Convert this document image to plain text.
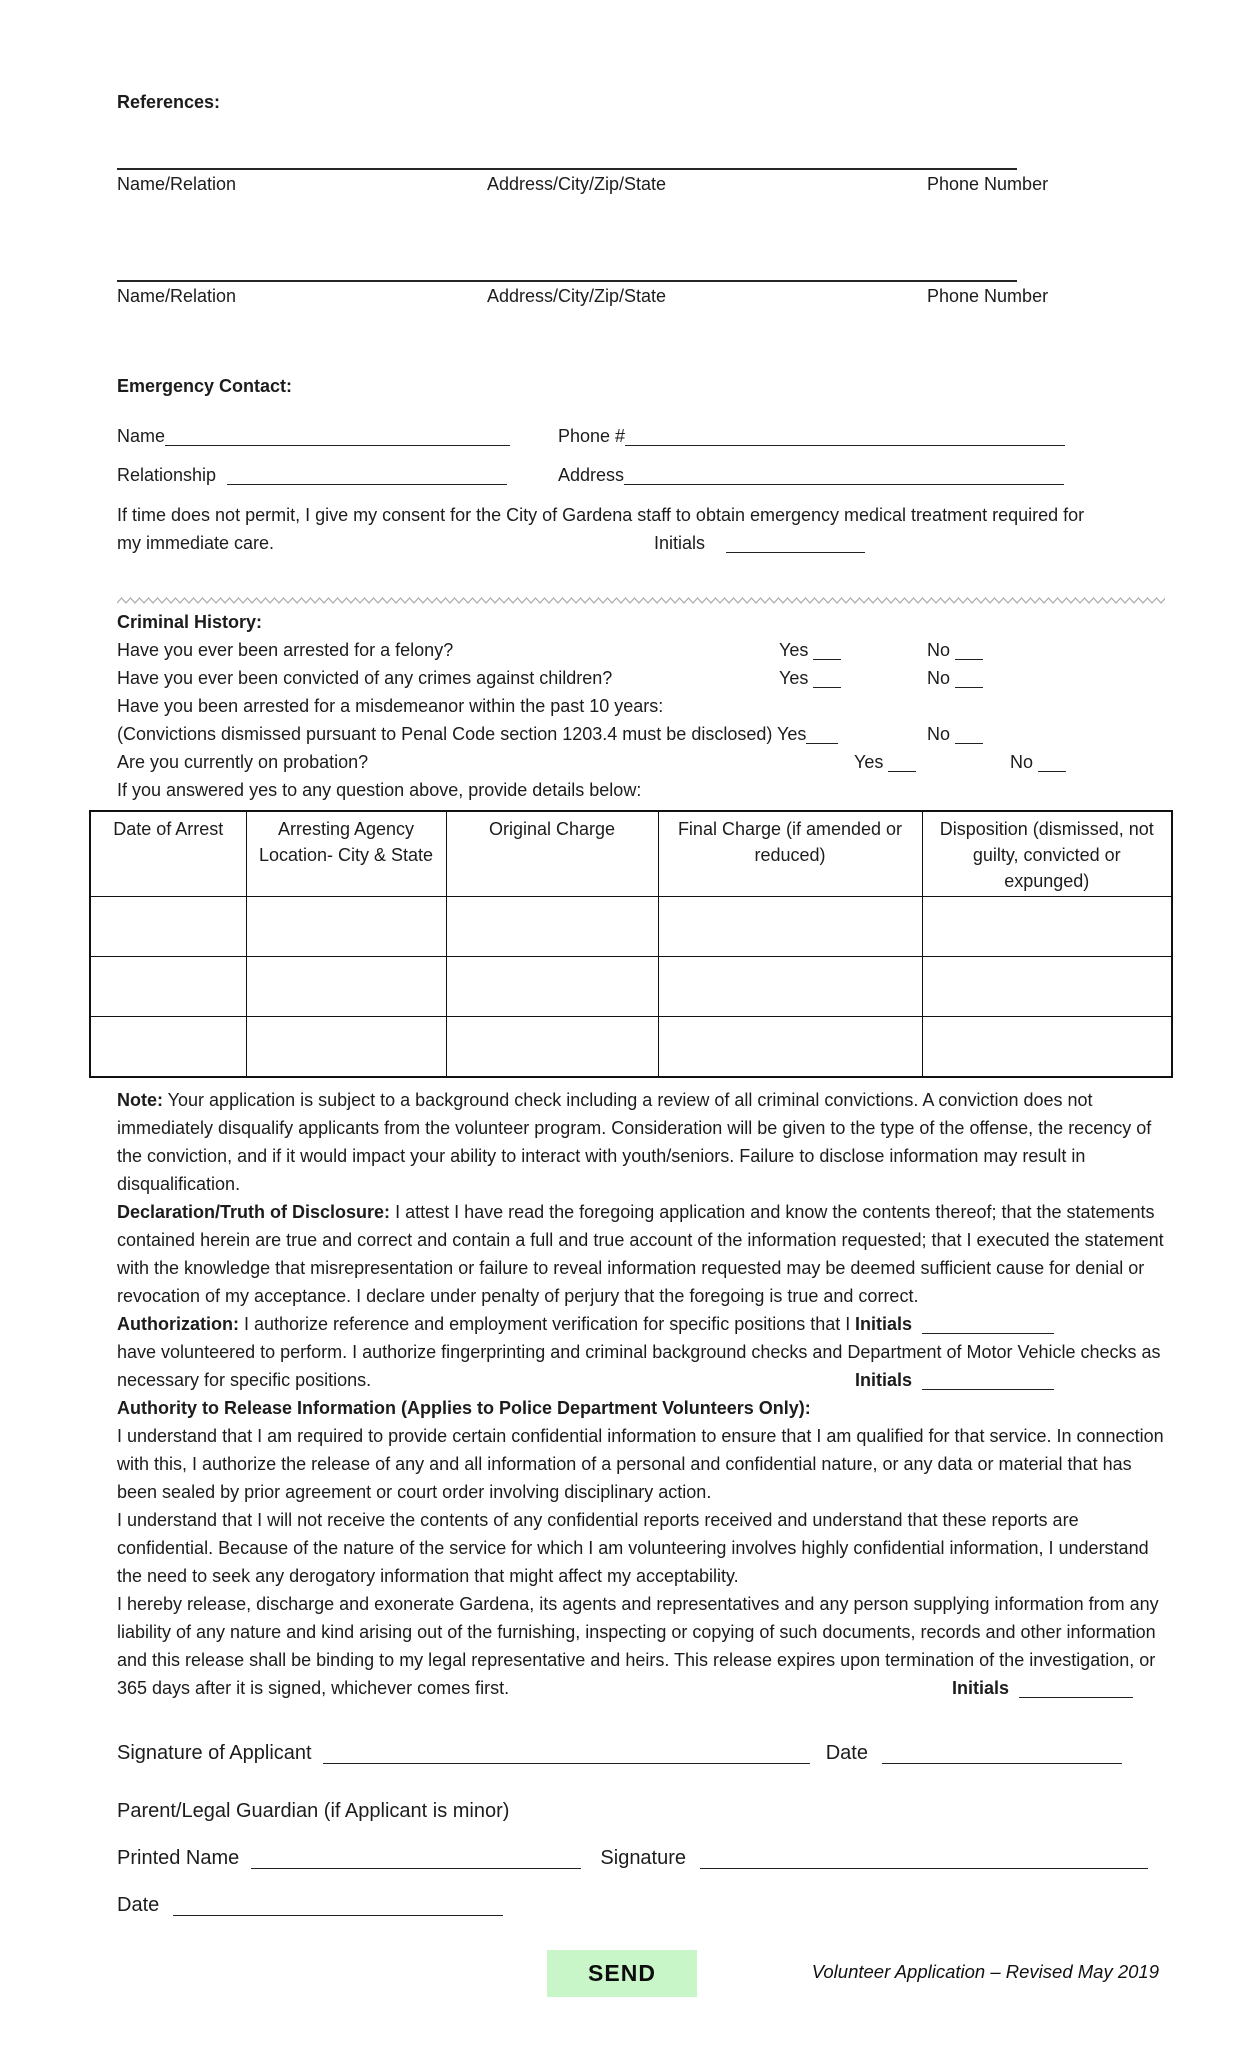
References:
Name/Relation	Address/City/Zip/State	Phone Number
Name/Relation	Address/City/Zip/State	Phone Number
Emergency Contact:
Name	Phone #
Relationship	Address
If time does not permit, I give my consent for the City of Gardena staff to obtain emergency medical treatment required for
my immediate care.	Initials
Criminal History:
Have you ever been arrested for a felony?	Yes	No
Have you ever been convicted of any crimes against children?	Yes	No
Have you been arrested for a misdemeanor within the past 10 years:
(Convictions dismissed pursuant to Penal Code section 1203.4 must be disclosed) Yes	No
Are you currently on probation?	Yes	No
If you answered yes to any question above, provide details below:
Date of Arrest	Arresting Agency Location- City & State	Original Charge	Final Charge (if amended or reduced)	Disposition (dismissed, not guilty, convicted or expunged)

Note: Your application is subject to a background check including a review of all criminal convictions. A conviction does not immediately disqualify applicants from the volunteer program. Consideration will be given to the type of the offense, the recency of the conviction, and if it would impact your ability to interact with youth/seniors. Failure to disclose information may result in disqualification.
Declaration/Truth of Disclosure: I attest I have read the foregoing application and know the contents thereof; that the statements contained herein are true and correct and contain a full and true account of the information requested; that I executed the statement with the knowledge that misrepresentation or failure to reveal information requested may be deemed sufficient cause for denial or revocation of my acceptance. I declare under penalty of perjury that the foregoing is true and correct.
Initials
Authorization: I authorize reference and employment verification for specific positions that I have volunteered to perform. I authorize fingerprinting and criminal background checks and Department of Motor Vehicle checks as necessary for specific positions.	Initials
Authority to Release Information (Applies to Police Department Volunteers Only):
I understand that I am required to provide certain confidential information to ensure that I am qualified for that service. In connection with this, I authorize the release of any and all information of a personal and confidential nature, or any data or material that has been sealed by prior agreement or court order involving disciplinary action.
I understand that I will not receive the contents of any confidential reports received and understand that these reports are confidential. Because of the nature of the service for which I am volunteering involves highly confidential information, I understand the need to seek any derogatory information that might affect my acceptability.
I hereby release, discharge and exonerate Gardena, its agents and representatives and any person supplying information from any liability of any nature and kind arising out of the furnishing, inspecting or copying of such documents, records and other information and this release shall be binding to my legal representative and heirs. This release expires upon termination of the investigation, or 365 days after it is signed, whichever comes first.	Initials
Signature of Applicant	Date
Parent/Legal Guardian (if Applicant is minor)
Printed Name	Signature
Date
SEND	Volunteer Application – Revised May 2019
